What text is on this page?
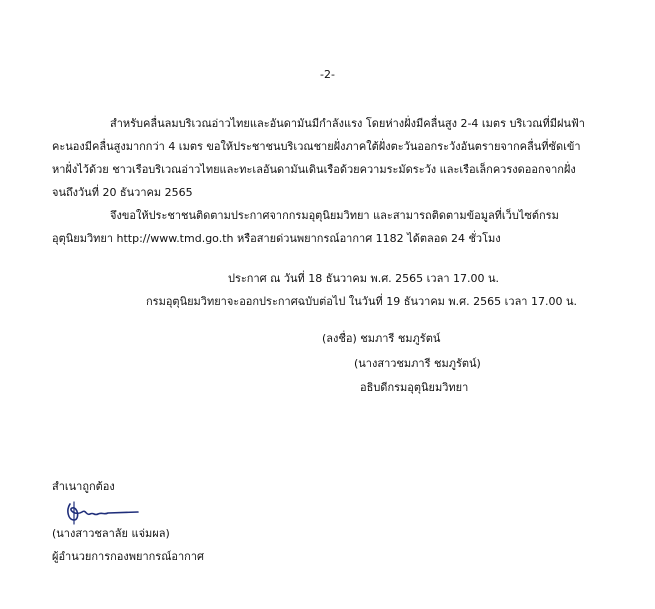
-2-
สำหรับคลื่นลมบริเวณอ่าวไทยและอันดามันมีกำลังแรง โดยห่างฝั่งมีคลื่นสูง 2-4 เมตร บริเวณที่มีฝนฟ้า
คะนองมีคลื่นสูงมากกว่า 4 เมตร ขอให้ประชาชนบริเวณชายฝั่งภาคใต้ฝั่งตะวันออกระวังอันตรายจากคลื่นที่ซัดเข้า
หาฝั่งไว้ด้วย ชาวเรือบริเวณอ่าวไทยและทะเลอันดามันเดินเรือด้วยความระมัดระวัง และเรือเล็กควรงดออกจากฝั่ง
จนถึงวันที่ 20 ธันวาคม 2565
จึงขอให้ประชาชนติดตามประกาศจากกรมอุตุนิยมวิทยา และสามารถติดตามข้อมูลที่เว็บไซต์กรม
อุตุนิยมวิทยา http://www.tmd.go.th หรือสายด่วนพยากรณ์อากาศ 1182 ได้ตลอด 24 ชั่วโมง
ประกาศ ณ วันที่ 18 ธันวาคม พ.ศ. 2565 เวลา 17.00 น.
กรมอุตุนิยมวิทยาจะออกประกาศฉบับต่อไป ในวันที่ 19 ธันวาคม พ.ศ. 2565 เวลา 17.00 น.
(ลงชื่อ) ชมภารี ชมภูรัตน์
(นางสาวชมภารี ชมภูรัตน์)
อธิบดีกรมอุตุนิยมวิทยา
สำเนาถูกต้อง
(นางสาวชลาลัย แจ่มผล)
ผู้อำนวยการกองพยากรณ์อากาศ
